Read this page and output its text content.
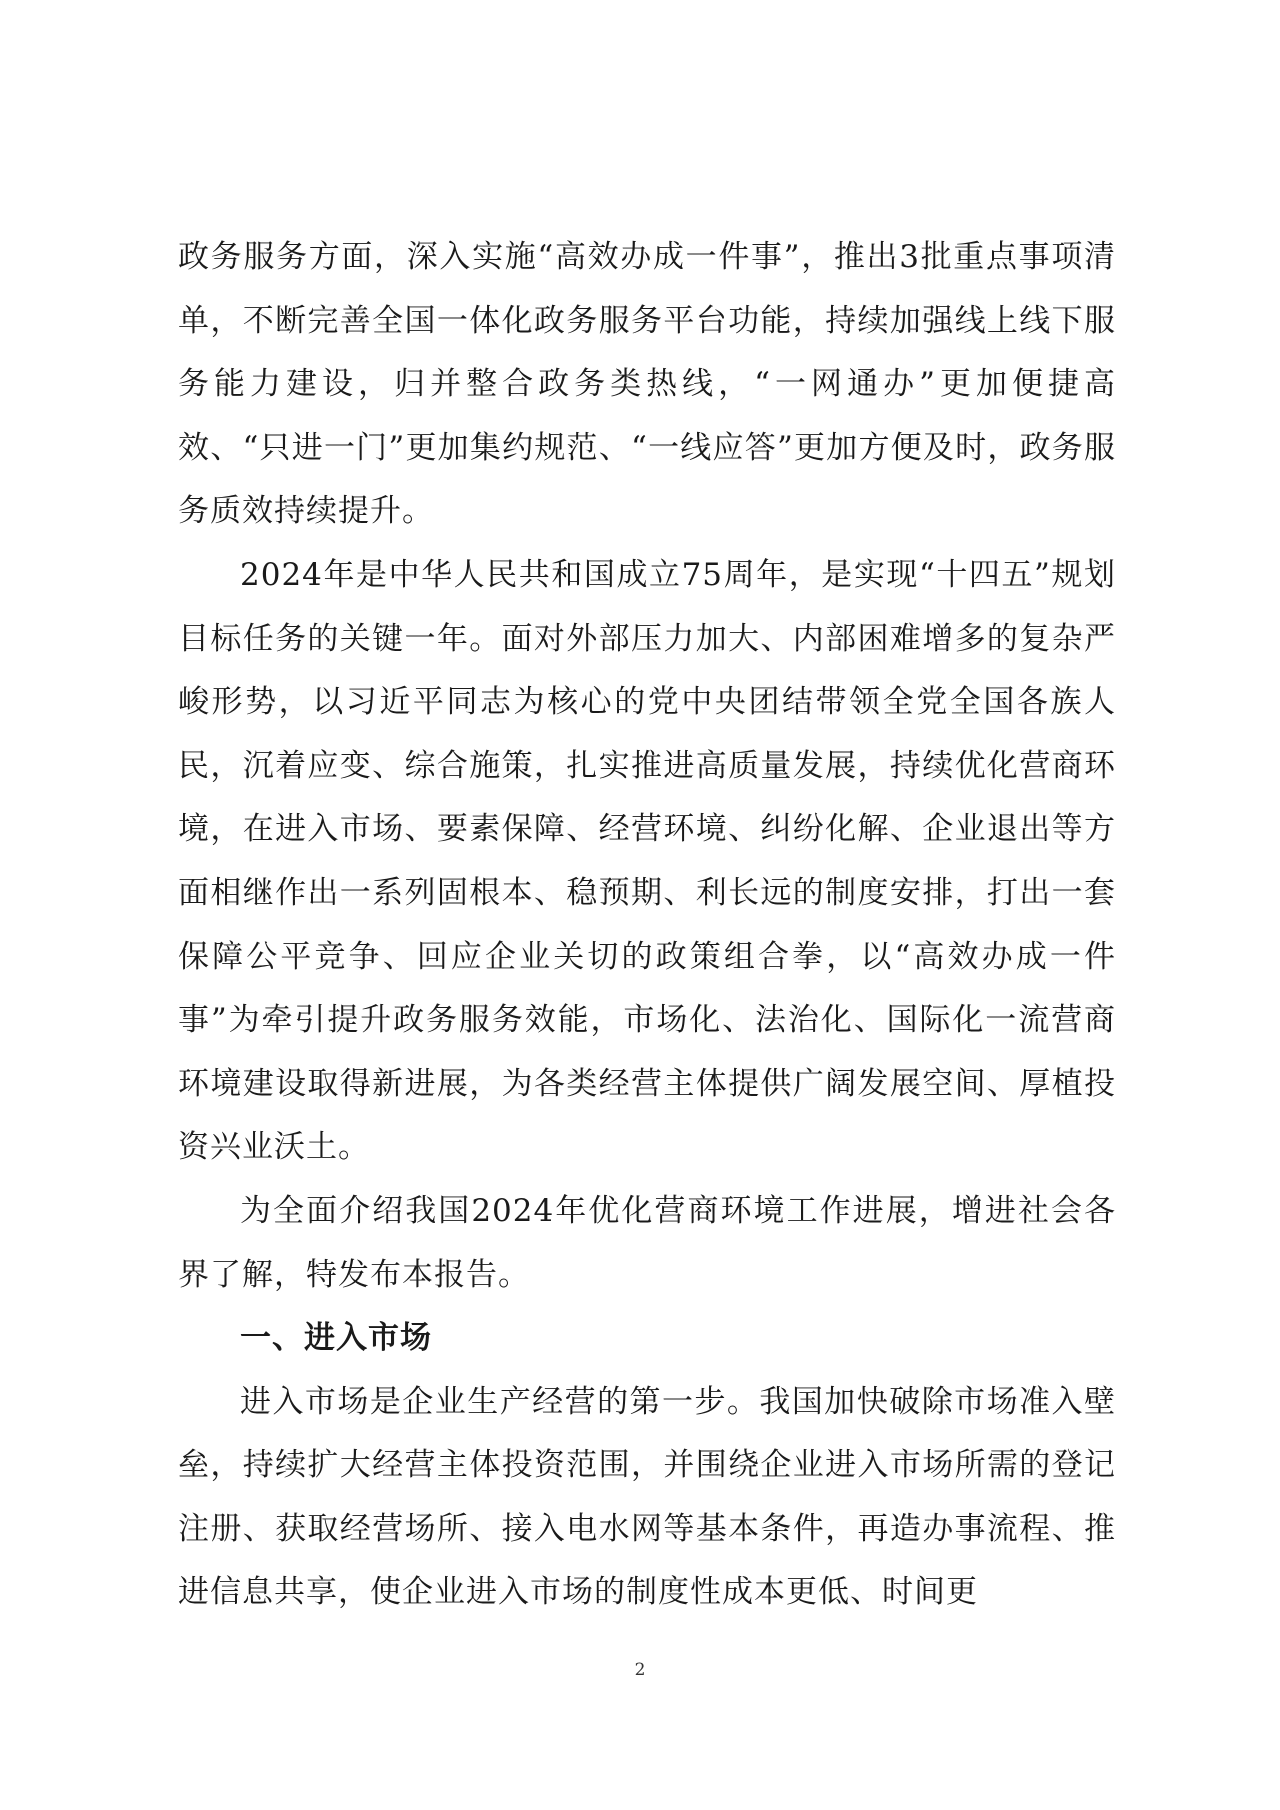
政务服务方面，深入实施“高效办成一件事”，推出3批重点事项清单，不断完善全国一体化政务服务平台功能，持续加强线上线下服务能力建设，归并整合政务类热线，“一网通办”更加便捷高效、“只进一门”更加集约规范、“一线应答”更加方便及时，政务服务质效持续提升。

2024年是中华人民共和国成立75周年，是实现“十四五”规划目标任务的关键一年。面对外部压力加大、内部困难增多的复杂严峻形势，以习近平同志为核心的党中央团结带领全党全国各族人民，沉着应变、综合施策，扎实推进高质量发展，持续优化营商环境，在进入市场、要素保障、经营环境、纠纷化解、企业退出等方面相继作出一系列固根本、稳预期、利长远的制度安排，打出一套保障公平竞争、回应企业关切的政策组合拳，以“高效办成一件事”为牵引提升政务服务效能，市场化、法治化、国际化一流营商环境建设取得新进展，为各类经营主体提供广阔发展空间、厚植投资兴业沃土。

为全面介绍我国2024年优化营商环境工作进展，增进社会各界了解，特发布本报告。

一、进入市场

进入市场是企业生产经营的第一步。我国加快破除市场准入壁垒，持续扩大经营主体投资范围，并围绕企业进入市场所需的登记注册、获取经营场所、接入电水网等基本条件，再造办事流程、推进信息共享，使企业进入市场的制度性成本更低、时间更

2
